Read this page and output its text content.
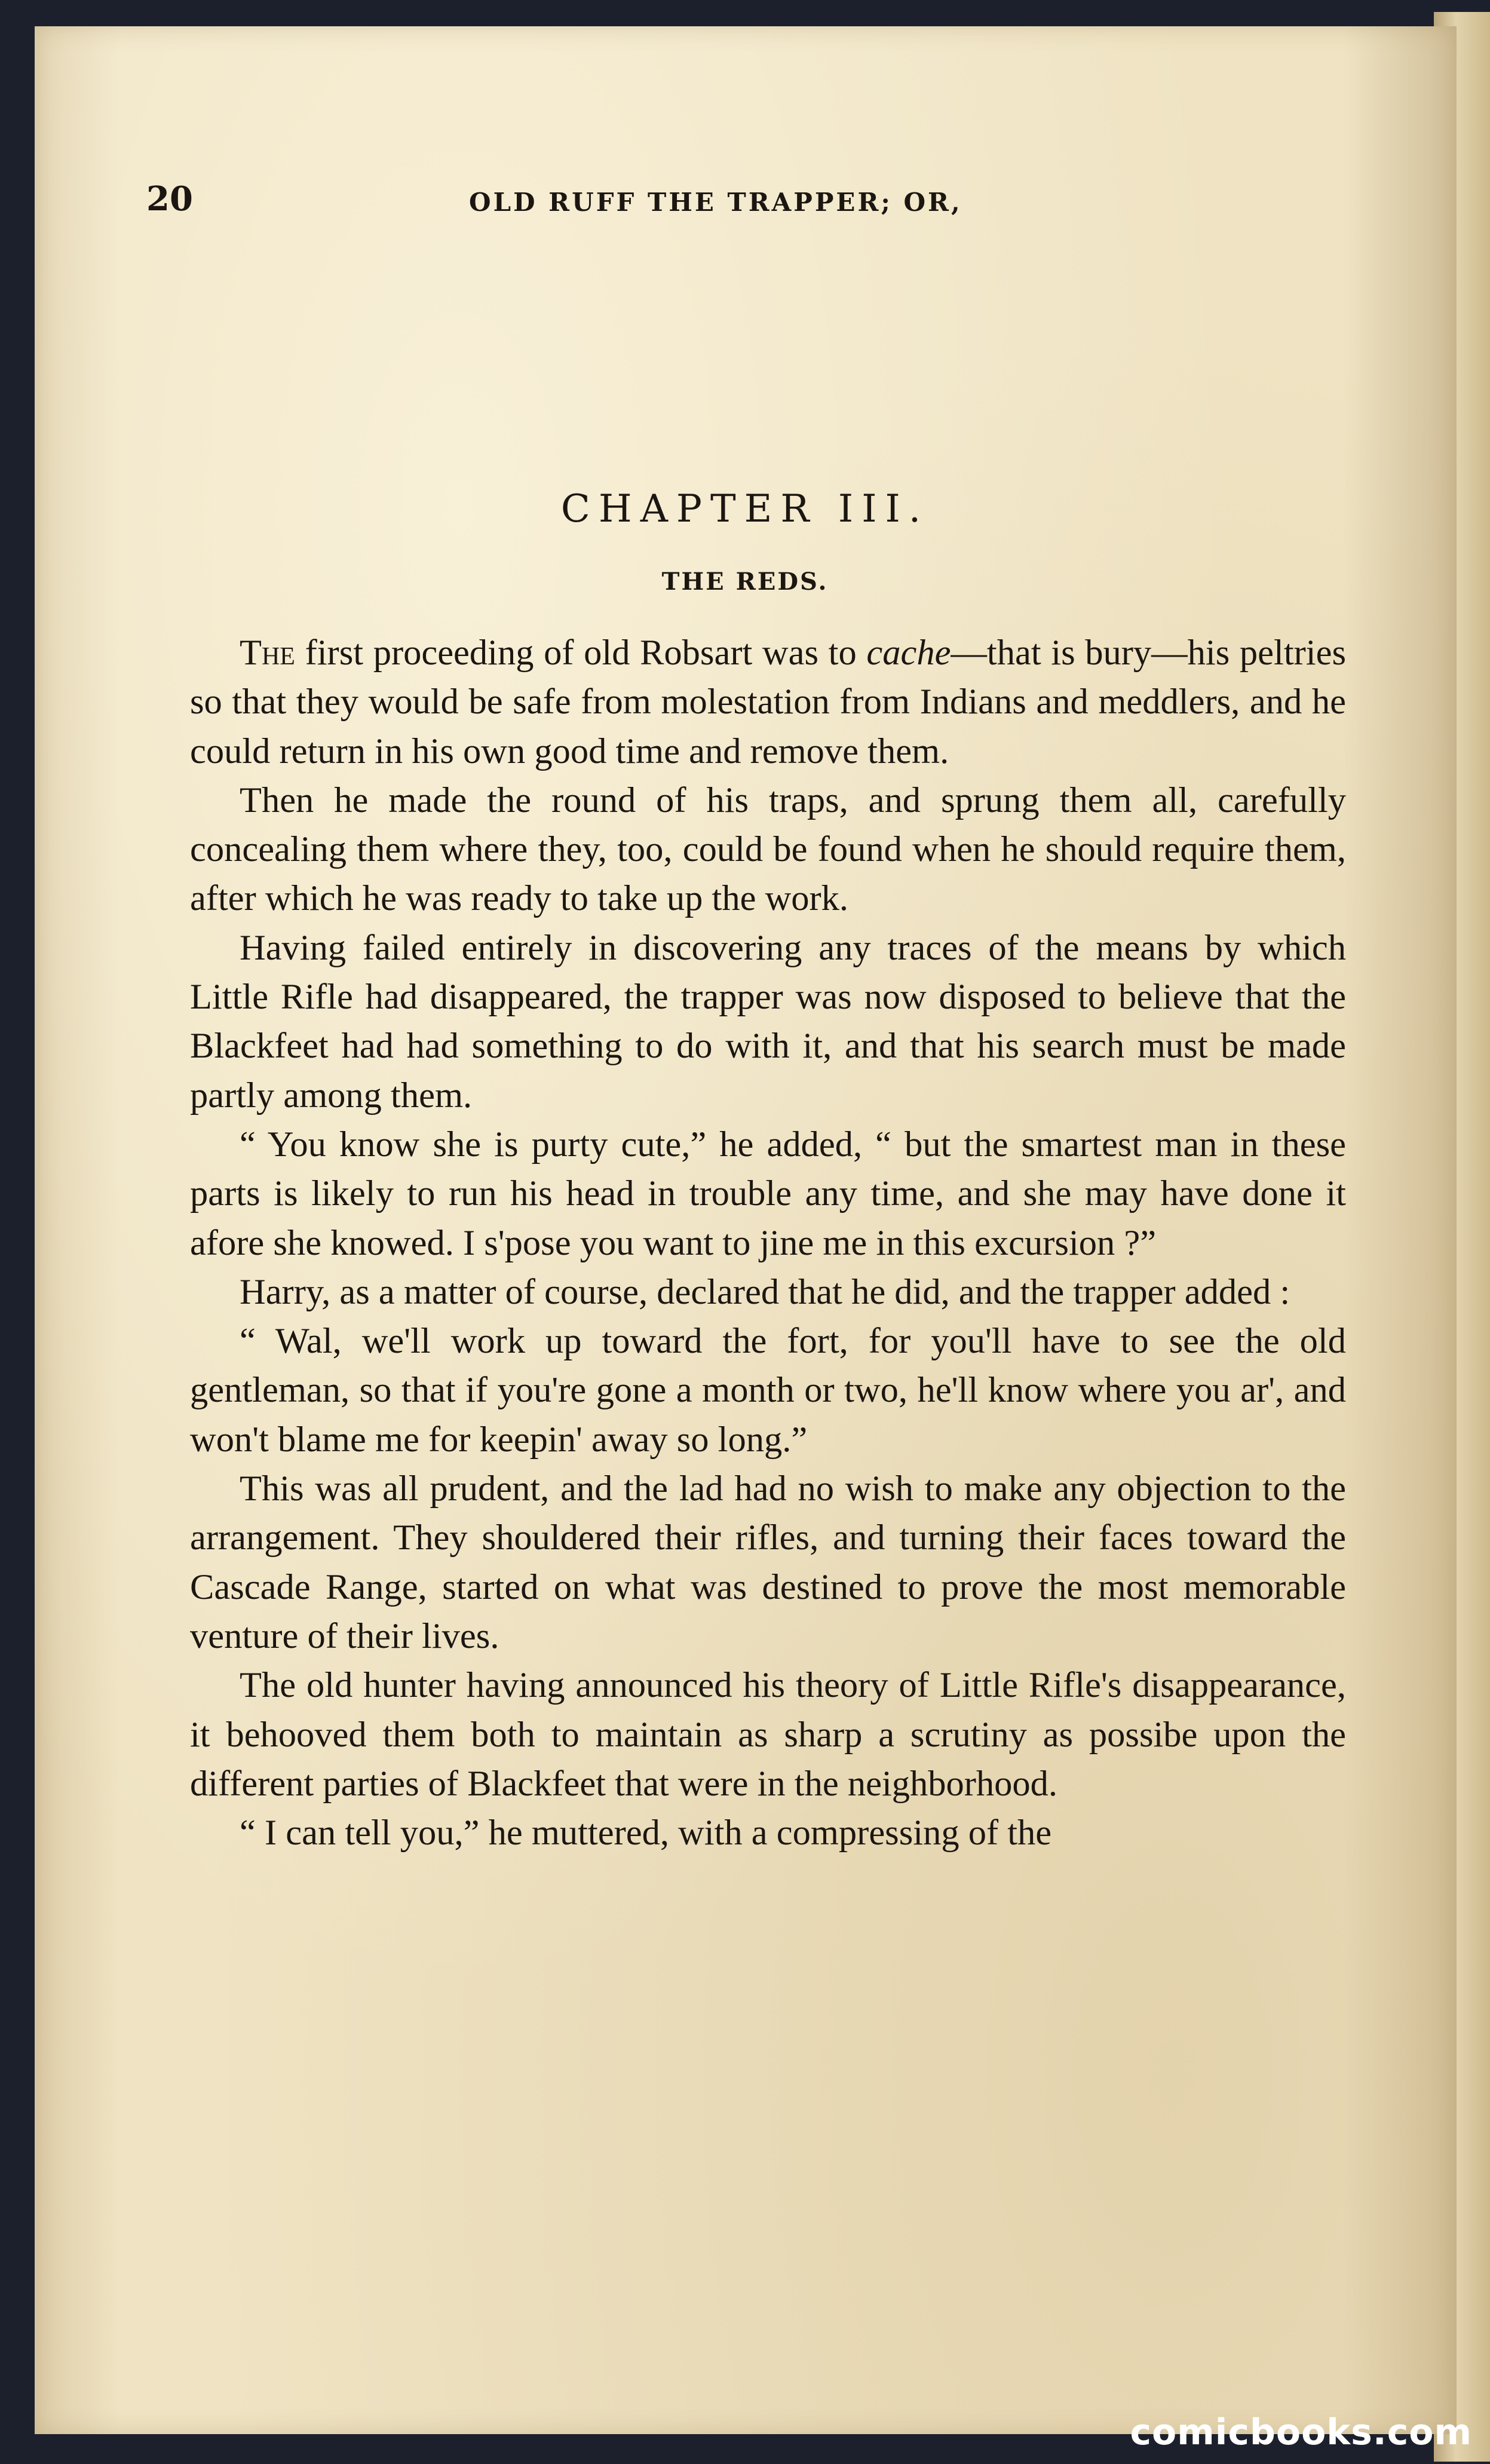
20	OLD RUFF THE TRAPPER; OR,
CHAPTER III.
THE REDS.

The first proceeding of old Robsart was to cache—that is bury—his peltries so that they would be safe from molestation from Indians and meddlers, and he could return in his own good time and remove them.

Then he made the round of his traps, and sprung them all, carefully concealing them where they, too, could be found when he should require them, after which he was ready to take up the work.

Having failed entirely in discovering any traces of the means by which Little Rifle had disappeared, the trapper was now disposed to believe that the Blackfeet had had something to do with it, and that his search must be made partly among them.

“ You know she is purty cute,” he added, “ but the smartest man in these parts is likely to run his head in trouble any time, and she may have done it afore she knowed. I s'pose you want to jine me in this excursion ?”

Harry, as a matter of course, declared that he did, and the trapper added :

“ Wal, we'll work up toward the fort, for you'll have to see the old gentleman, so that if you're gone a month or two, he'll know where you ar', and won't blame me for keepin' away so long.”

This was all prudent, and the lad had no wish to make any objection to the arrangement. They shouldered their rifles, and turning their faces toward the Cascade Range, started on what was destined to prove the most memorable venture of their lives.

The old hunter having announced his theory of Little Rifle's disappearance, it behooved them both to maintain as sharp a scrutiny as possibe upon the different parties of Blackfeet that were in the neighborhood.

“ I can tell you,” he muttered, with a compressing of the

comicbooks.com
